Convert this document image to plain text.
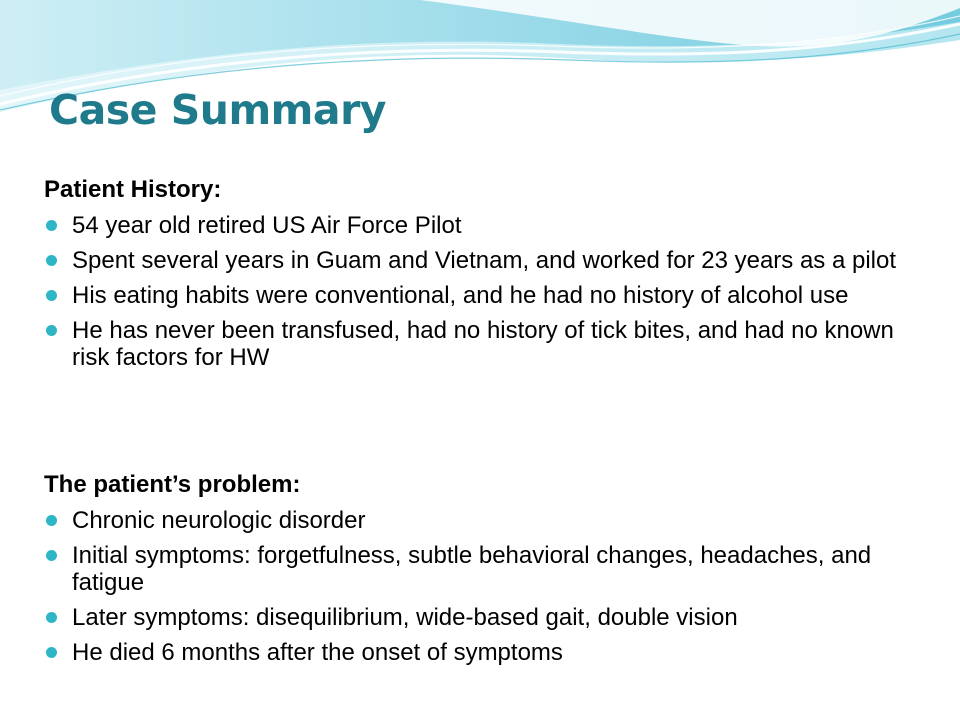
Case Summary
Patient History:
54 year old retired US Air Force Pilot
Spent several years in Guam and Vietnam, and worked for 23 years as a pilot
His eating habits were conventional, and he had no history of alcohol use
He has never been transfused, had no history of tick bites, and had no known risk factors for HW
The patient’s problem:
Chronic neurologic disorder
Initial symptoms: forgetfulness, subtle behavioral changes, headaches, and fatigue
Later symptoms: disequilibrium, wide-based gait, double vision
He died 6 months after the onset of symptoms
